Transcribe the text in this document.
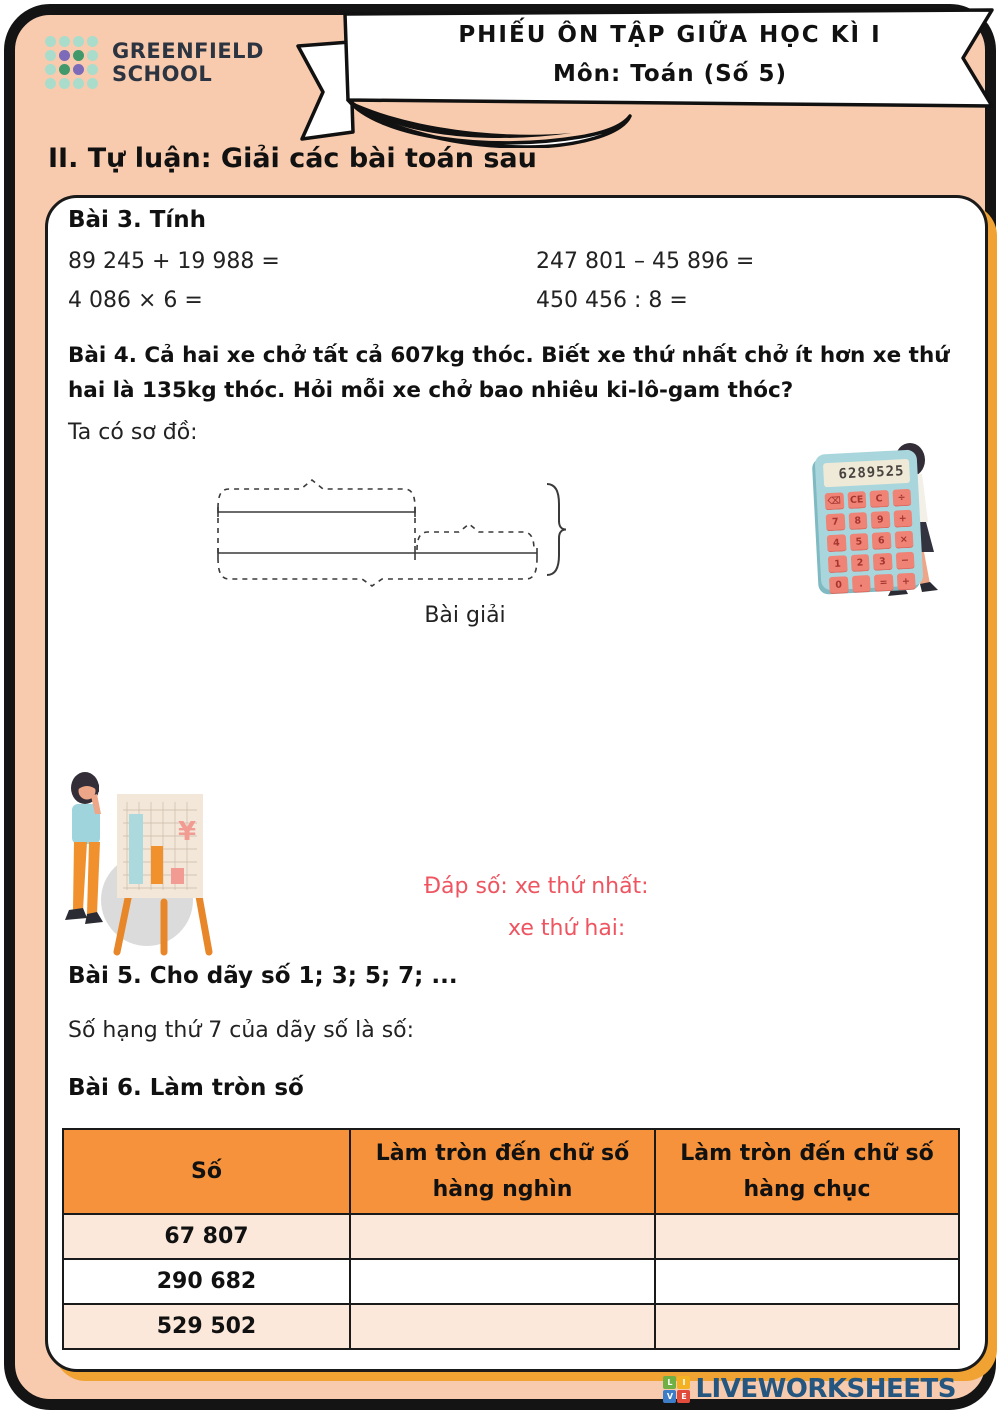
GREENFIELD
SCHOOL
PHIẾU ÔN TẬP GIỮA HỌC KÌ I
Môn: Toán (Số 5)
II. Tự luận: Giải các bài toán sau
Bài 3. Tính
89 245 + 19 988 =	247 801 – 45 896 =
4 086 × 6 =	450 456 : 8 =
Bài 4. Cả hai xe chở tất cả 607kg thóc. Biết xe thứ nhất chở ít hơn xe thứ hai là 135kg thóc. Hỏi mỗi xe chở bao nhiêu ki-lô-gam thóc?
Ta có sơ đồ:
Bài giải
6289525
⌫ CE	C	÷
7	8	9	+
4	5	6	×
1	2	3	−
0	.	=	+
¥
Đáp số: xe thứ nhất:
xe thứ hai:
Bài 5. Cho dãy số 1; 3; 5; 7; ...
Số hạng thứ 7 của dãy số là số:
Bài 6. Làm tròn số
Số	Làm tròn đến chữ số hàng nghìn	Làm tròn đến chữ số hàng chục
67 807		
290 682		
529 502		
L	I
V	E LIVEWORKSHEETS
